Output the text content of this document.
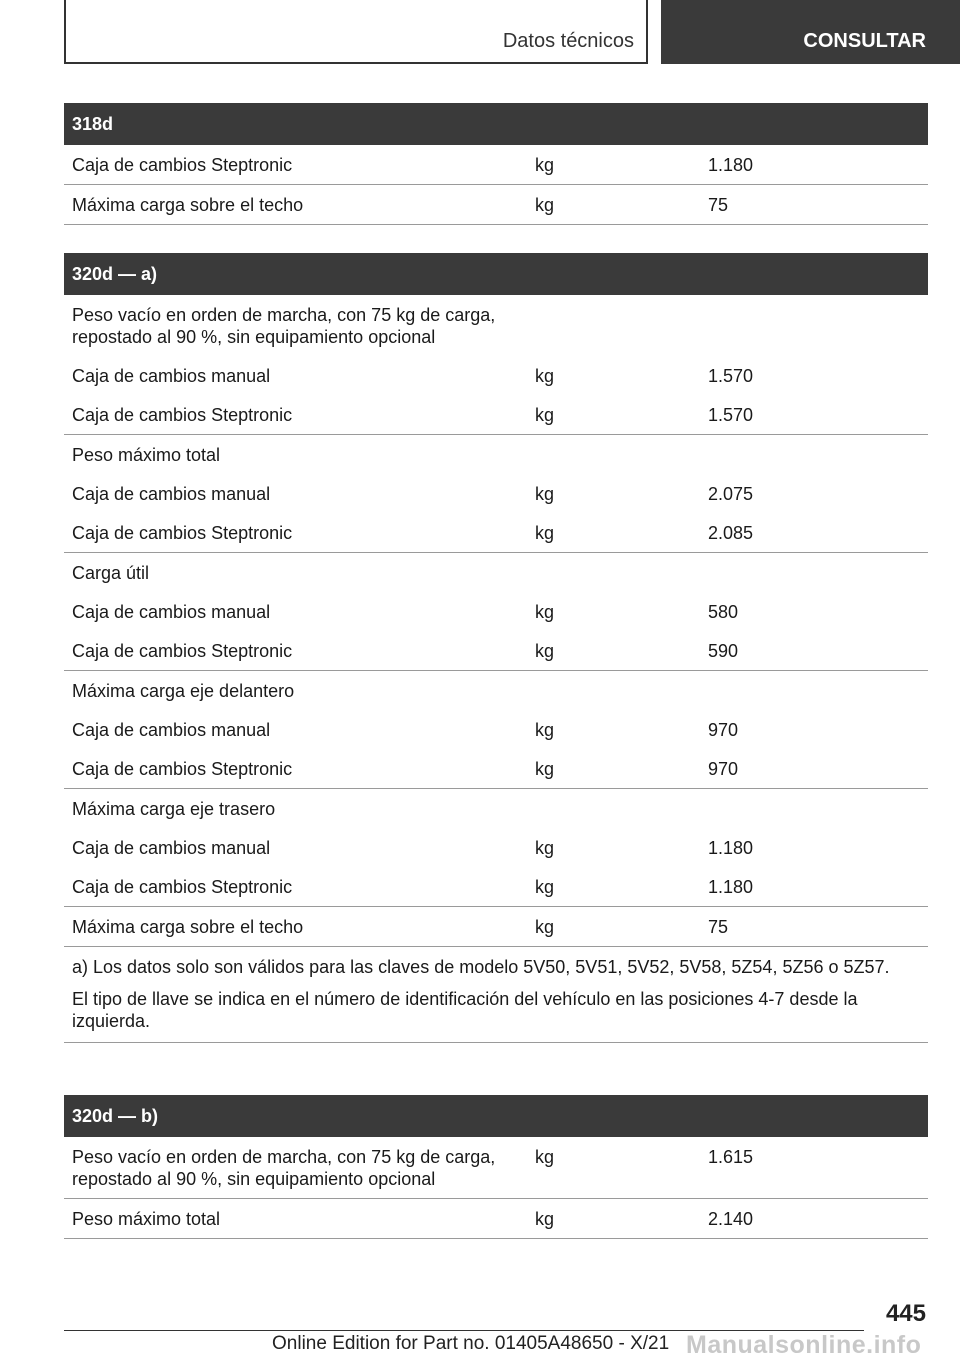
Datos técnicos	CONSULTAR
318d		
Caja de cambios Steptronic	kg	1.180
Máxima carga sobre el techo	kg	75
320d — a)		
Peso vacío en orden de marcha, con 75 kg de carga, repostado al 90 %, sin equipamiento opcional		
Caja de cambios manual	kg	1.570
Caja de cambios Steptronic	kg	1.570
Peso máximo total		
Caja de cambios manual	kg	2.075
Caja de cambios Steptronic	kg	2.085
Carga útil		
Caja de cambios manual	kg	580
Caja de cambios Steptronic	kg	590
Máxima carga eje delantero		
Caja de cambios manual	kg	970
Caja de cambios Steptronic	kg	970
Máxima carga eje trasero		
Caja de cambios manual	kg	1.180
Caja de cambios Steptronic	kg	1.180
Máxima carga sobre el techo	kg	75

a) Los datos solo son válidos para las claves de modelo 5V50, 5V51, 5V52, 5V58, 5Z54, 5Z56 o 5Z57.

El tipo de llave se indica en el número de identificación del vehículo en las posiciones 4-7 desde la izquierda.		

320d — b)		
Peso vacío en orden de marcha, con 75 kg de carga, repostado al 90 %, sin equipamiento opcional	kg	1.615
Peso máximo total	kg	2.140
445
Online Edition for Part no. 01405A48650 - X/21 Manualsonline.info
